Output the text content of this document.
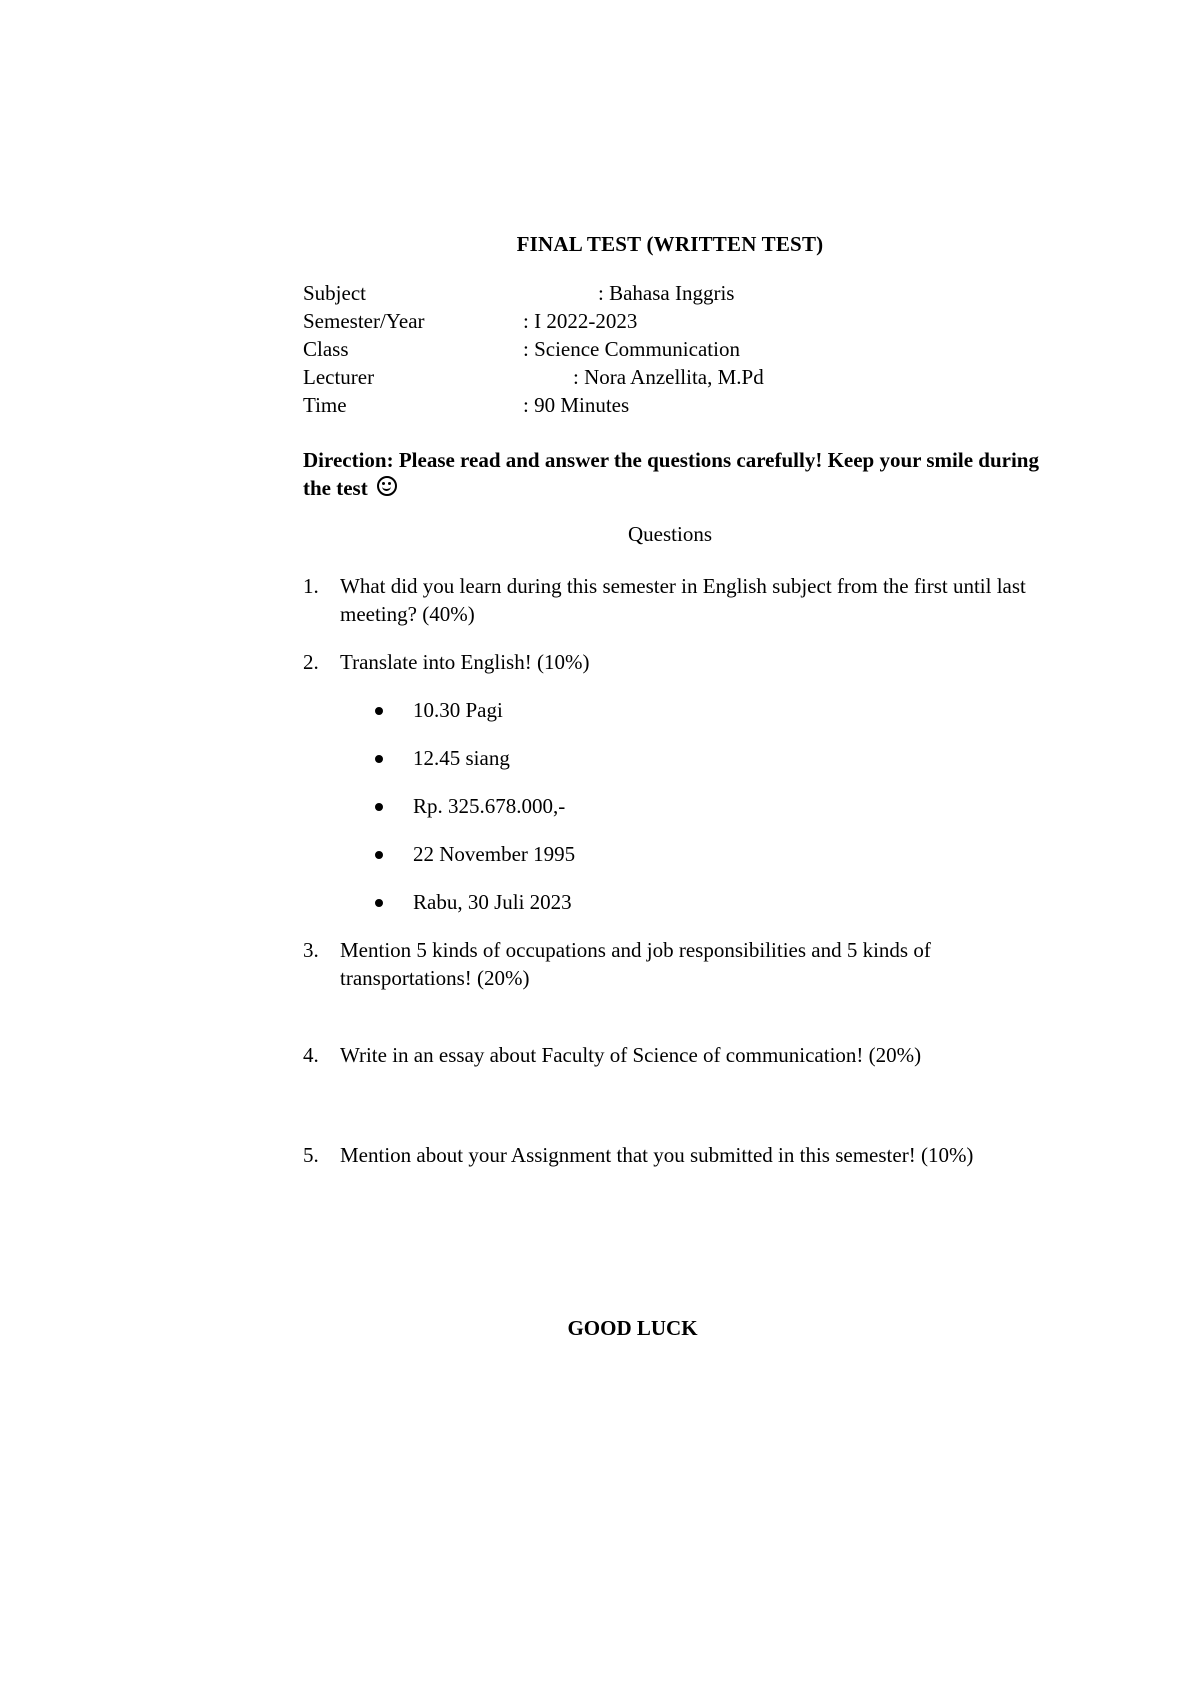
FINAL TEST (WRITTEN TEST)
Subject	: Bahasa Inggris
Semester/Year	: I 2022-2023
Class	: Science Communication
Lecturer	: Nora Anzellita, M.Pd
Time	: 90 Minutes
Direction: Please read and answer the questions carefully! Keep your smile during the test
Questions
1. What did you learn during this semester in English subject from the first until last meeting? (40%)
2. Translate into English! (10%)
10.30 Pagi
12.45 siang
Rp. 325.678.000,-
22 November 1995
Rabu, 30 Juli 2023
3. Mention 5 kinds of occupations and job responsibilities and 5 kinds of transportations! (20%)
4. Write in an essay about Faculty of Science of communication! (20%)
5. Mention about your Assignment that you submitted in this semester! (10%)
GOOD LUCK
